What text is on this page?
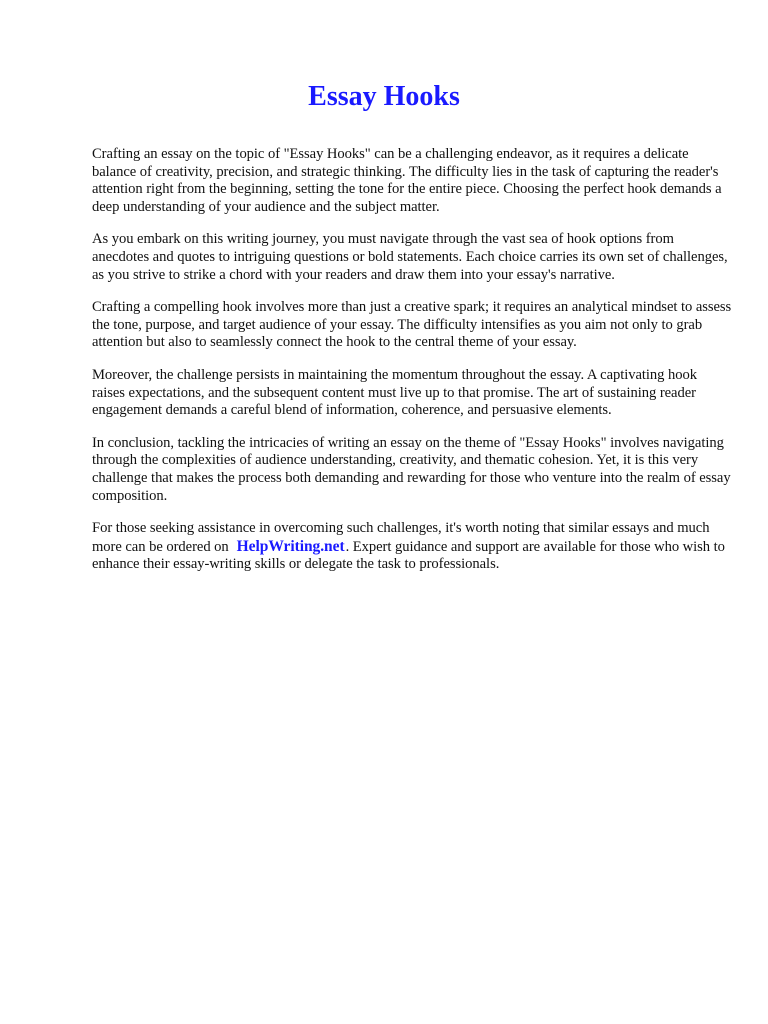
Essay Hooks

Crafting an essay on the topic of "Essay Hooks" can be a challenging endeavor, as it requires a delicate balance of creativity, precision, and strategic thinking. The difficulty lies in the task of capturing the reader's attention right from the beginning, setting the tone for the entire piece. Choosing the perfect hook demands a deep understanding of your audience and the subject matter.

As you embark on this writing journey, you must navigate through the vast sea of hook options from anecdotes and quotes to intriguing questions or bold statements. Each choice carries its own set of challenges, as you strive to strike a chord with your readers and draw them into your essay's narrative.

Crafting a compelling hook involves more than just a creative spark; it requires an analytical mindset to assess the tone, purpose, and target audience of your essay. The difficulty intensifies as you aim not only to grab attention but also to seamlessly connect the hook to the central theme of your essay.

Moreover, the challenge persists in maintaining the momentum throughout the essay. A captivating hook raises expectations, and the subsequent content must live up to that promise. The art of sustaining reader engagement demands a careful blend of information, coherence, and persuasive elements.

In conclusion, tackling the intricacies of writing an essay on the theme of "Essay Hooks" involves navigating through the complexities of audience understanding, creativity, and thematic cohesion. Yet, it is this very challenge that makes the process both demanding and rewarding for those who venture into the realm of essay composition.

For those seeking assistance in overcoming such challenges, it's worth noting that similar essays and much more can be ordered on HelpWriting.net. Expert guidance and support are available for those who wish to enhance their essay-writing skills or delegate the task to professionals.
